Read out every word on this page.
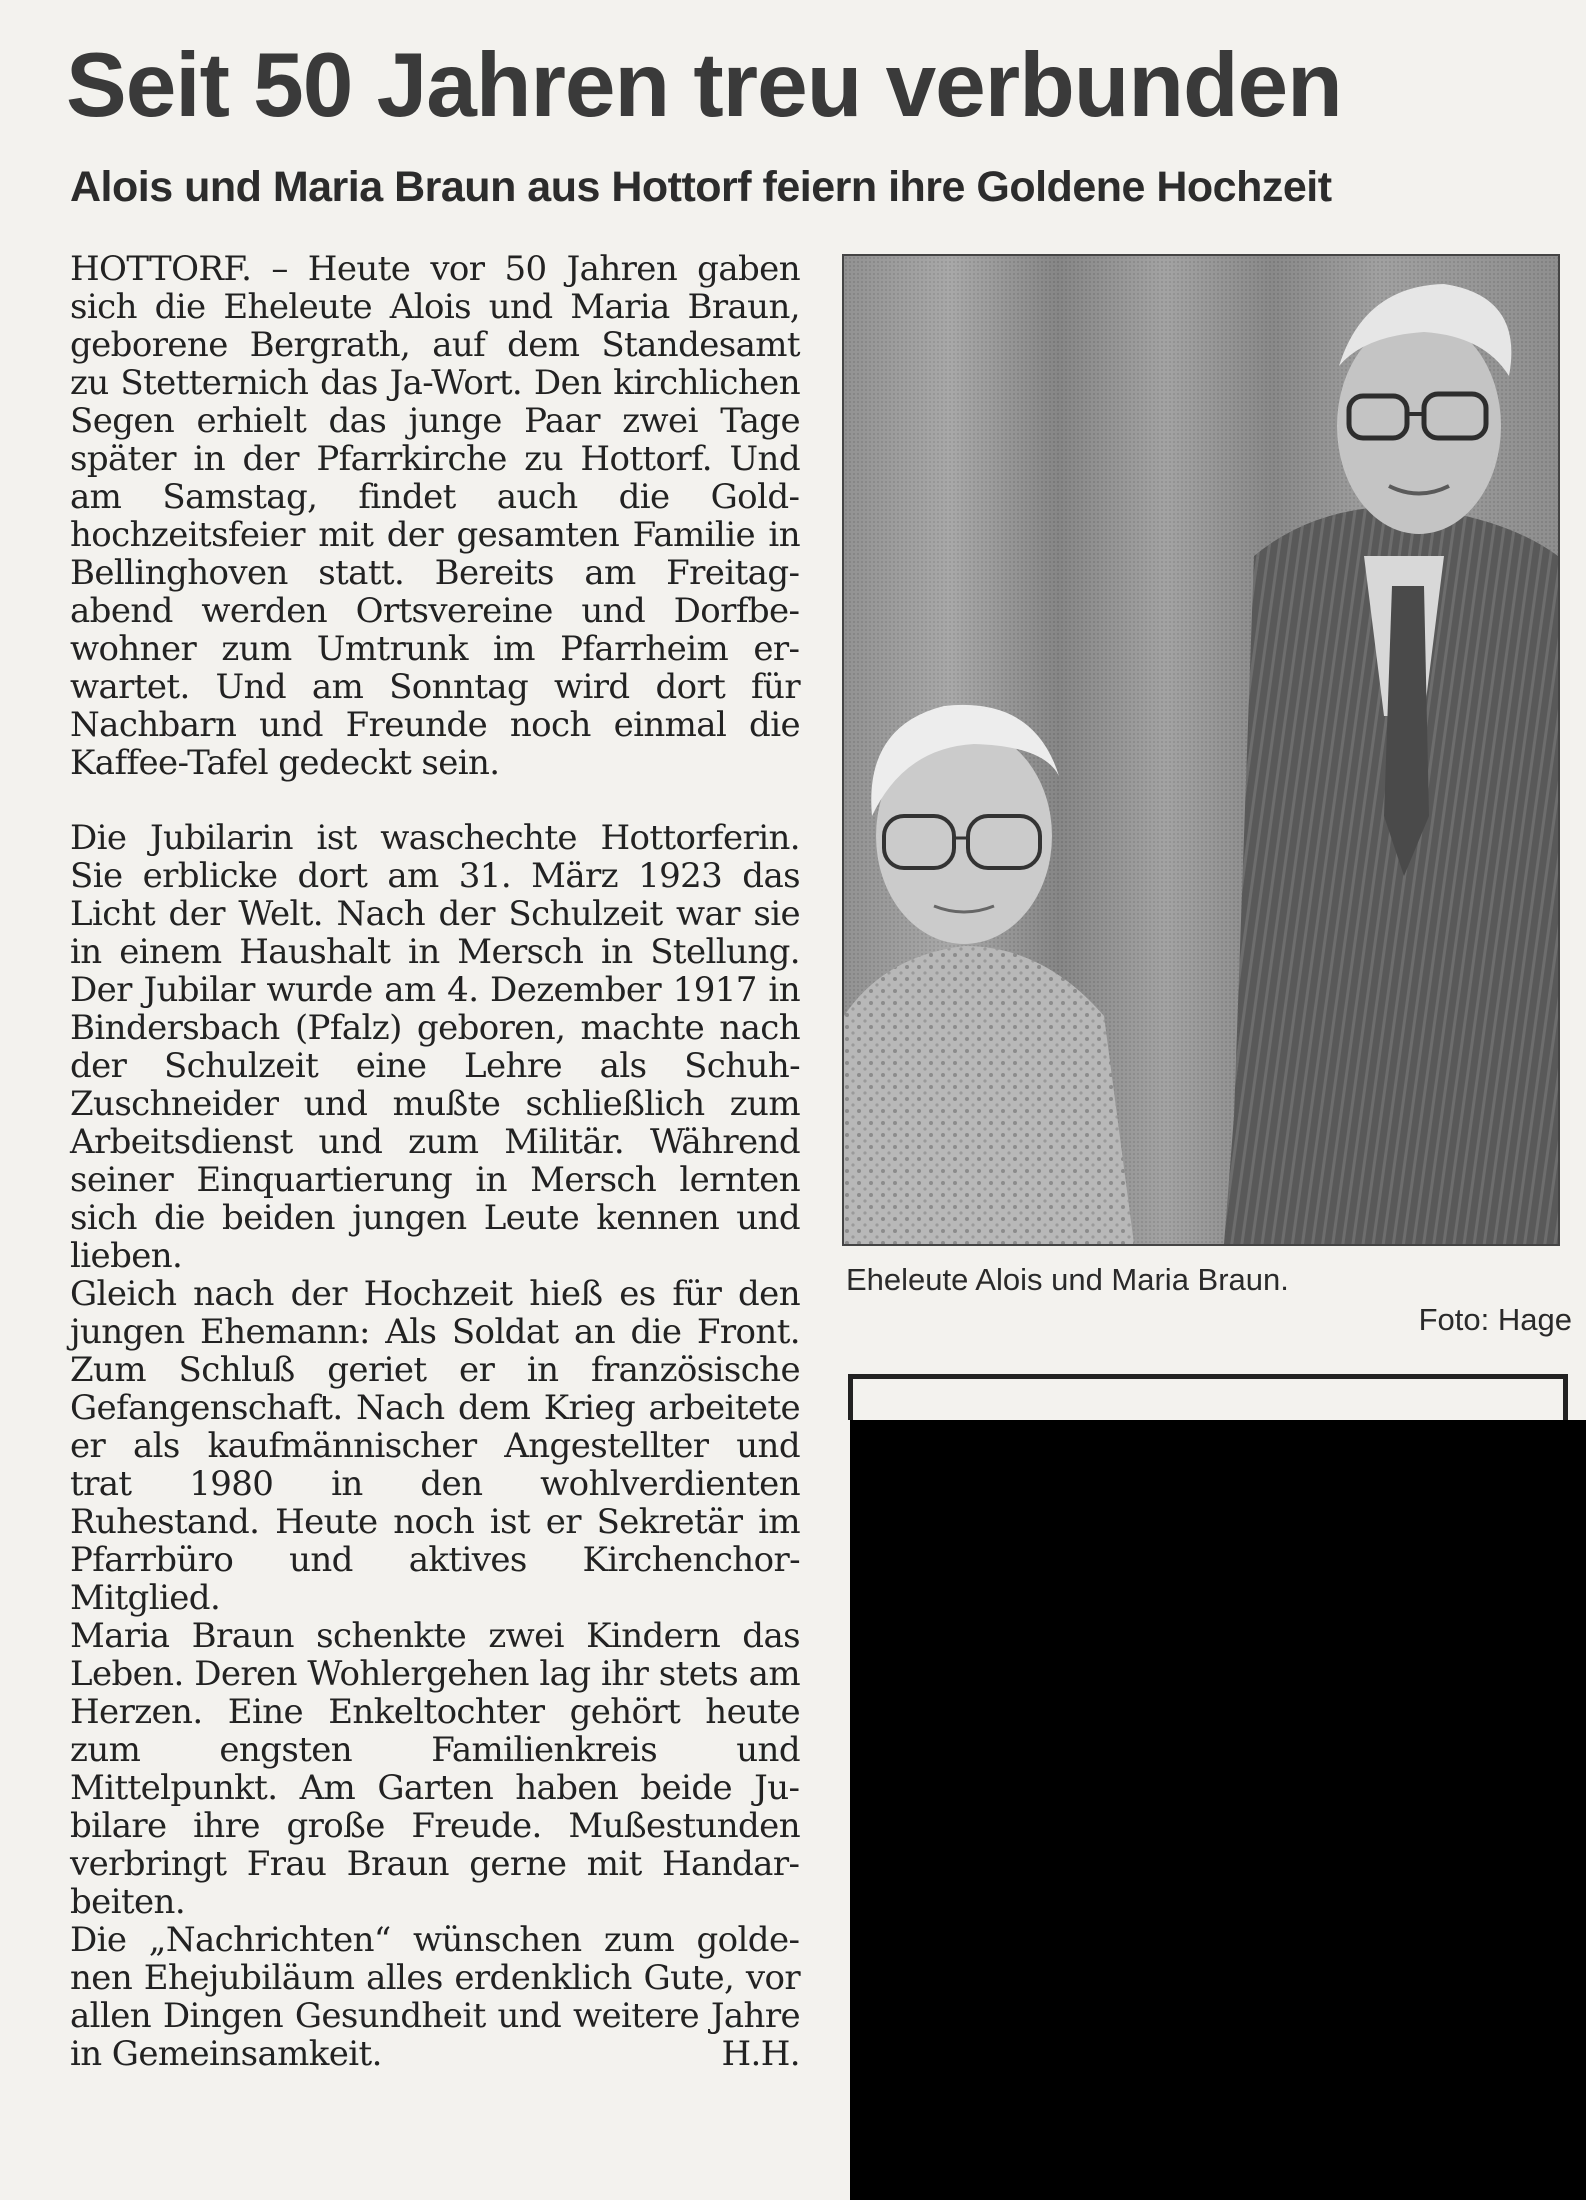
Seit 50 Jahren treu verbunden
Alois und Maria Braun aus Hottorf feiern ihre Goldene Hochzeit

HOTTORF. – Heute vor 50 Jahren gaben sich die Eheleute Alois und Maria Braun, geborene Bergrath, auf dem Standesamt zu Stetternich das Ja-Wort. Den kirchlichen Segen erhielt das junge Paar zwei Tage später in der Pfarrkirche zu Hottorf. Und am Samstag, findet auch die Goldhochzeitsfeier mit der gesamten Familie in Bellinghoven statt. Bereits am Freitagabend werden Ortsvereine und Dorfbewohner zum Umtrunk im Pfarrheim erwartet. Und am Sonntag wird dort für Nachbarn und Freunde noch einmal die Kaffee-Tafel gedeckt sein.

Die Jubilarin ist waschechte Hottorferin. Sie erblicke dort am 31. März 1923 das Licht der Welt. Nach der Schulzeit war sie in einem Haushalt in Mersch in Stellung. Der Jubilar wurde am 4. Dezember 1917 in Bindersbach (Pfalz) geboren, machte nach der Schulzeit eine Lehre als Schuh-Zuschneider und mußte schließlich zum Arbeitsdienst und zum Militär. Während seiner Einquartierung in Mersch lernten sich die beiden jungen Leute kennen und lieben.

Gleich nach der Hochzeit hieß es für den jungen Ehemann: Als Soldat an die Front. Zum Schluß geriet er in französische Gefangenschaft. Nach dem Krieg arbeitete er als kaufmännischer Angestellter und trat 1980 in den wohlverdienten Ruhestand. Heute noch ist er Sekretär im Pfarrbüro und aktives Kirchenchor-Mitglied.

Maria Braun schenkte zwei Kindern das Leben. Deren Wohlergehen lag ihr stets am Herzen. Eine Enkeltochter gehört heute zum engsten Familienkreis und Mittelpunkt. Am Garten haben beide Jubilare ihre große Freude. Mußestunden verbringt Frau Braun gerne mit Handarbeiten.

Die „Nachrichten“ wünschen zum goldenen Ehejubiläum alles erdenklich Gute, vor allen Dingen Gesundheit und weitere Jahre in Gemeinsamkeit.	H.H.

Eheleute Alois und Maria Braun.
Foto: Hage
